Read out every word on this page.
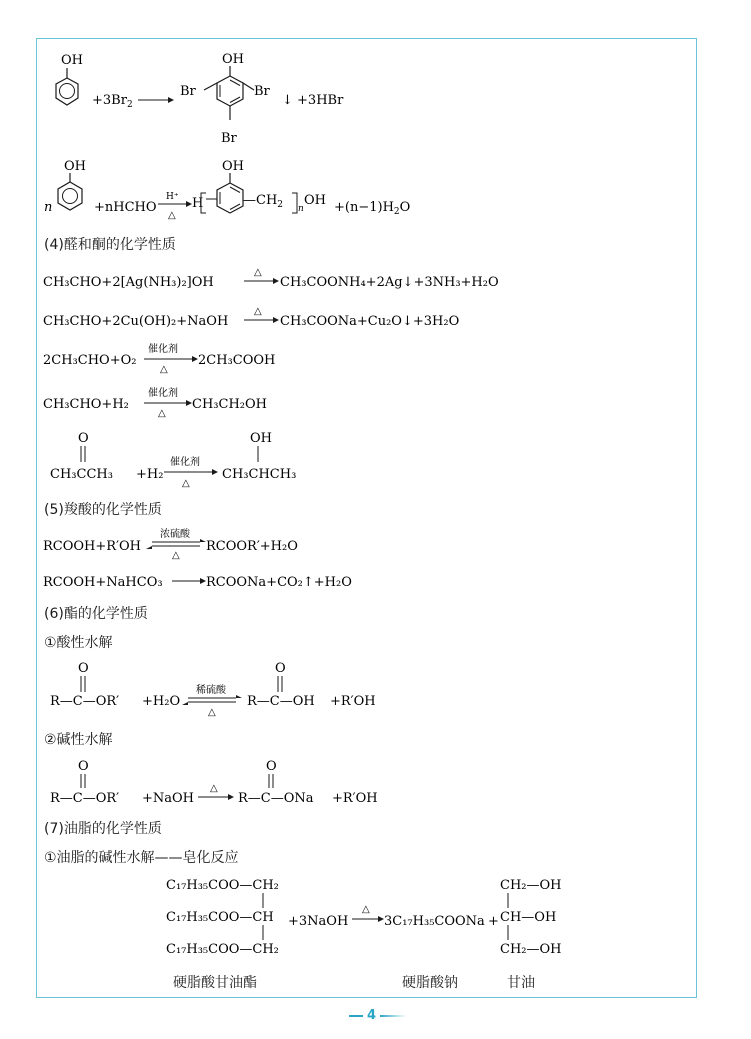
OH
$+3Br_2$
OH
Br	Br
Br
↓ +3HBr
n
OH
+nHCHO
H⁺
△
H
OH
$—CH_2$ n
OH $+(n-1)H_2O$
(4)醛和酮的化学性质
CH₃CHO+2[Ag(NH₃)₂]OH
△
CH₃COONH₄+2Ag↓+3NH₃+H₂O
CH₃CHO+2Cu(OH)₂+NaOH
△
CH₃COONa+Cu₂O↓+3H₂O
2CH₃CHO+O₂
催化剂
△
2CH₃COOH
CH₃CHO+H₂
催化剂
△
CH₃CH₂OH
O
CH₃CCH₃ +H₂
催化剂
△
OH
CH₃CHCH₃
(5)羧酸的化学性质
RCOOH+R′OH
浓硫酸
△
RCOOR′+H₂O
RCOOH+NaHCO₃	RCOONa+CO₂↑+H₂O
(6)酯的化学性质
①酸性水解
O
R—C—OR′ +H₂O
稀硫酸
△
O
R—C—OH +R′OH
②碱性水解
O
R—C—OR′ +NaOH
△
O
R—C—ONa +R′OH
(7)油脂的化学性质
①油脂的碱性水解——皂化反应
C₁₇H₃₅COO—CH₂
C₁₇H₃₅COO—CH
C₁₇H₃₅COO—CH₂
+3NaOH
△
3C₁₇H₃₅COONa +
CH₂—OH
CH—OH
CH₂—OH
硬脂酸甘油酯	硬脂酸钠	甘油
4
